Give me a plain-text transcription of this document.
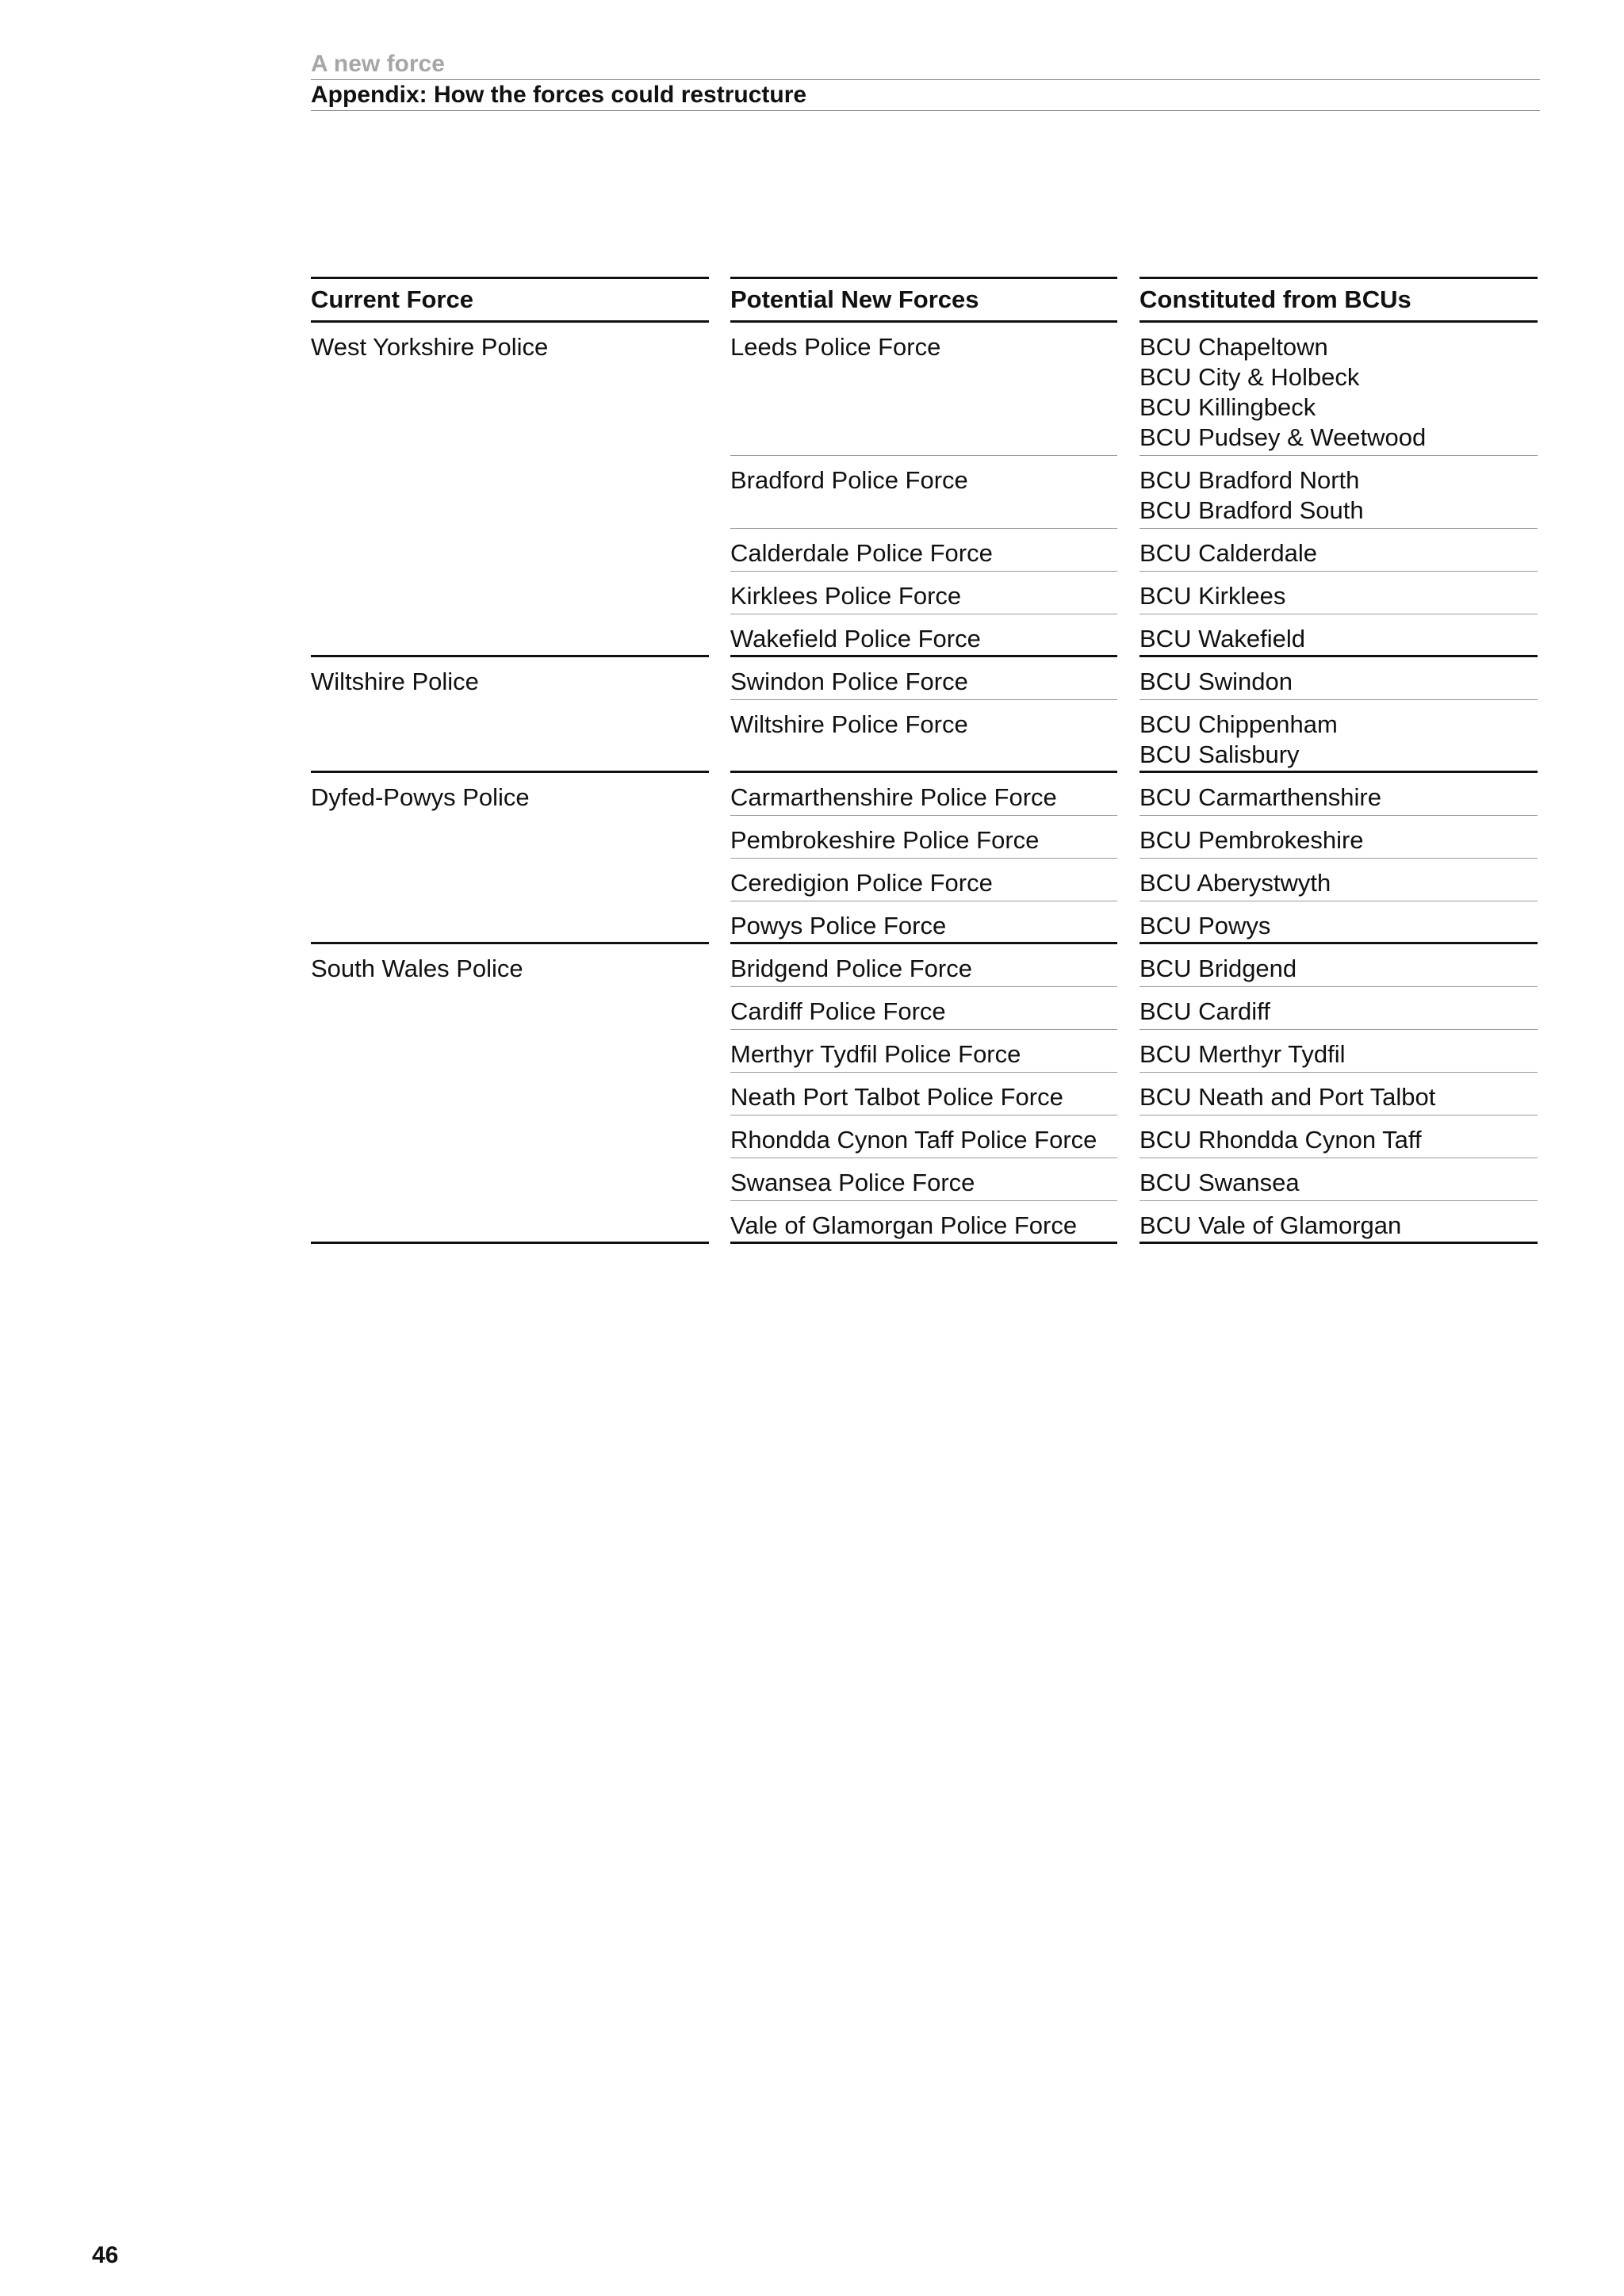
A new force
Appendix: How the forces could restructure
Current Force
West Yorkshire Police
Wiltshire Police
Dyfed-Powys Police
South Wales Police
Potential New Forces
Leeds Police Force
Bradford Police Force
Calderdale Police Force
Kirklees Police Force
Wakefield Police Force
Swindon Police Force
Wiltshire Police Force
Carmarthenshire Police Force
Pembrokeshire Police Force
Ceredigion Police Force
Powys Police Force
Bridgend Police Force
Cardiff Police Force
Merthyr Tydfil Police Force
Neath Port Talbot Police Force
Rhondda Cynon Taff Police Force
Swansea Police Force
Vale of Glamorgan Police Force
Constituted from BCUs
BCU Chapeltown
BCU City & Holbeck
BCU Killingbeck
BCU Pudsey & Weetwood
BCU Bradford North
BCU Bradford South
BCU Calderdale
BCU Kirklees
BCU Wakefield
BCU Swindon
BCU Chippenham
BCU Salisbury
BCU Carmarthenshire
BCU Pembrokeshire
BCU Aberystwyth
BCU Powys
BCU Bridgend
BCU Cardiff
BCU Merthyr Tydfil
BCU Neath and Port Talbot
BCU Rhondda Cynon Taff
BCU Swansea
BCU Vale of Glamorgan
46
